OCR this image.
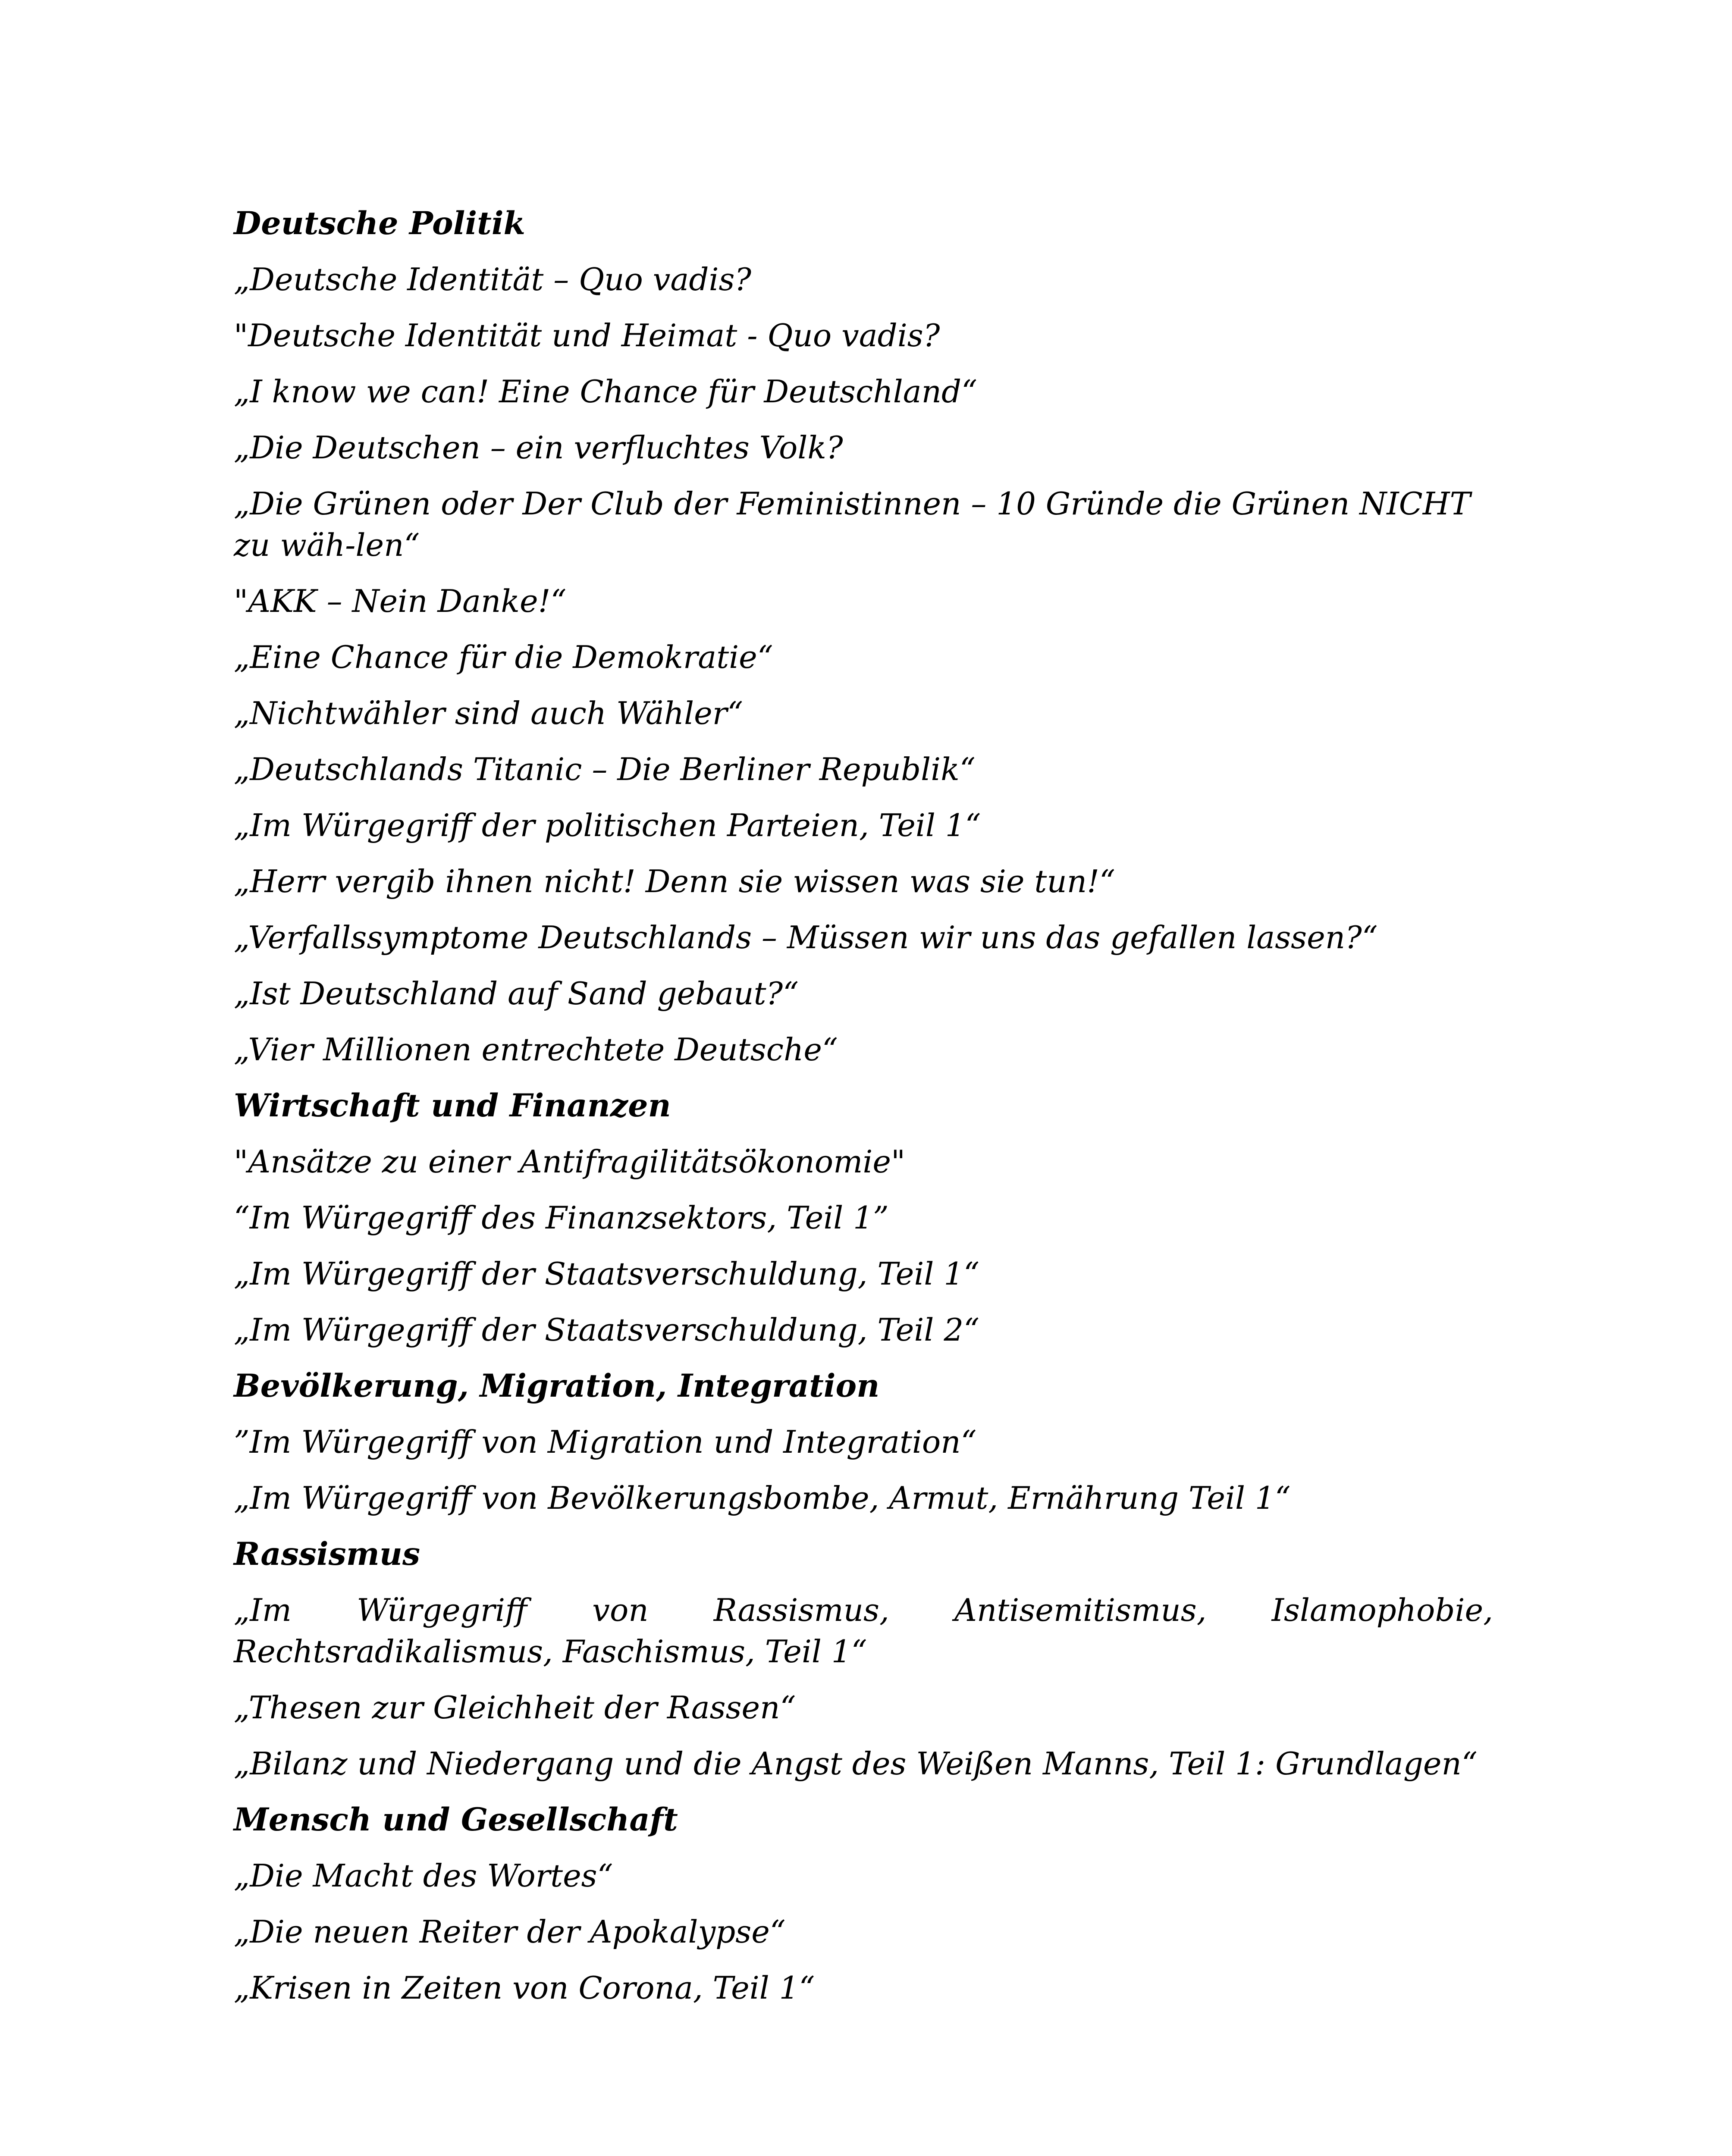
Deutsche Politik
„Deutsche Identität – Quo vadis?
"Deutsche Identität und Heimat - Quo vadis?
„I know we can! Eine Chance für Deutschland“
„Die Deutschen – ein verfluchtes Volk?
„Die Grünen oder Der Club der Feministinnen – 10 Gründe die Grünen NICHT zu wäh-len“
"AKK – Nein Danke!“
„Eine Chance für die Demokratie“
„Nichtwähler sind auch Wähler“
„Deutschlands Titanic – Die Berliner Republik“
„Im Würgegriff der politischen Parteien, Teil 1“
„Herr vergib ihnen nicht! Denn sie wissen was sie tun!“
„Verfallssymptome Deutschlands – Müssen wir uns das gefallen lassen?“
„Ist Deutschland auf Sand gebaut?“
„Vier Millionen entrechtete Deutsche“
Wirtschaft und Finanzen
"Ansätze zu einer Antifragilitätsökonomie"
“Im Würgegriff des Finanzsektors, Teil 1”
„Im Würgegriff der Staatsverschuldung, Teil 1“
„Im Würgegriff der Staatsverschuldung, Teil 2“
Bevölkerung, Migration, Integration
”Im Würgegriff von Migration und Integration“
„Im Würgegriff von Bevölkerungsbombe, Armut, Ernährung Teil 1“
Rassismus
„Im Würgegriff von Rassismus, Antisemitismus, Islamophobie, Rechtsradikalismus, Faschismus, Teil 1“
„Thesen zur Gleichheit der Rassen“
„Bilanz und Niedergang und die Angst des Weißen Manns, Teil 1: Grundlagen“
Mensch und Gesellschaft
„Die Macht des Wortes“
„Die neuen Reiter der Apokalypse“
„Krisen in Zeiten von Corona, Teil 1“
